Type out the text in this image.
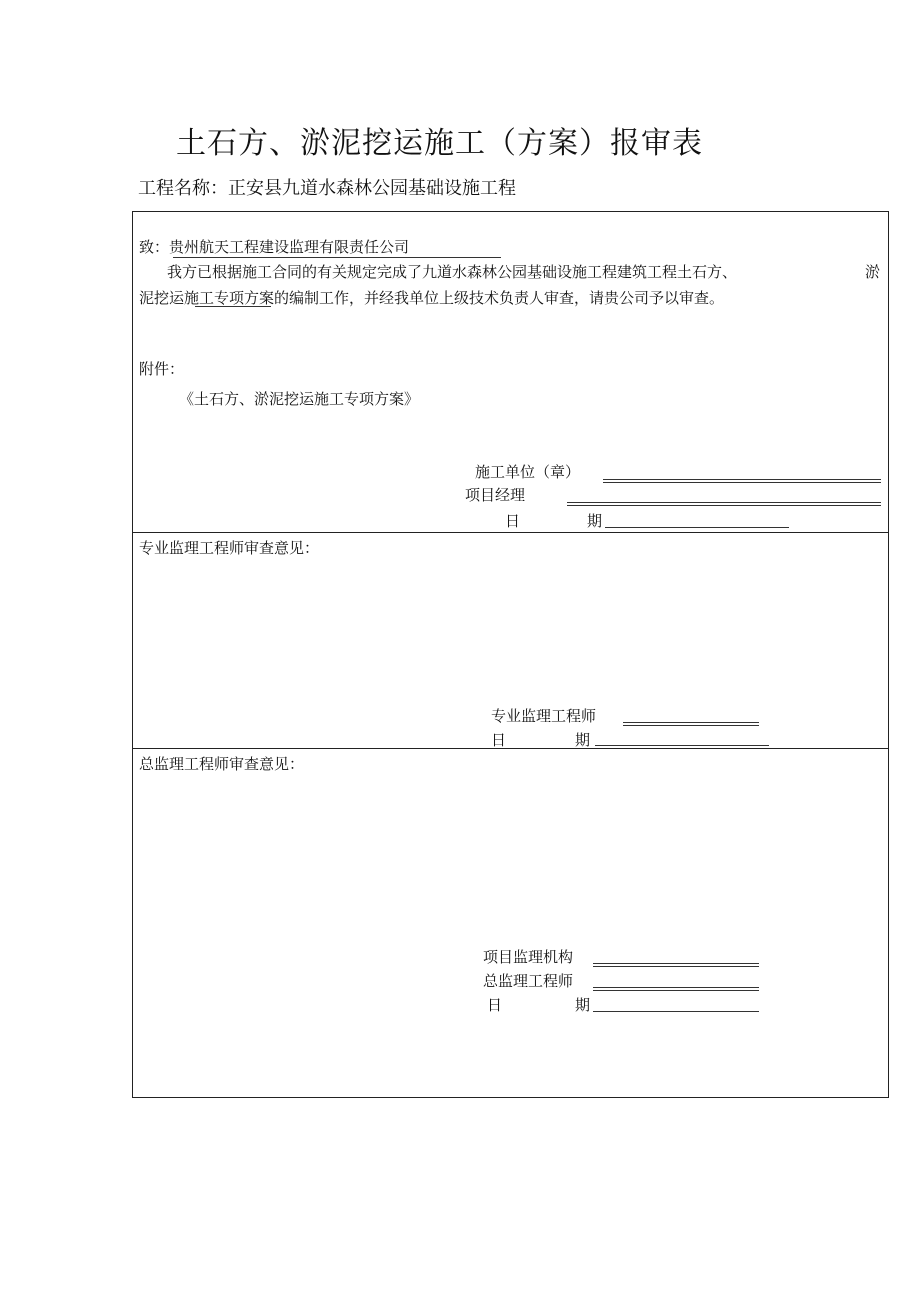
土石方、淤泥挖运施工（方案）报审表
工程名称：正安县九道水森林公园基础设施工程
致：贵州航天工程建设监理有限责任公司
我方已根据施工合同的有关规定完成了九道水森林公园基础设施工程建筑工程土石方、	淤
泥挖运施工专项方案的编制工作，并经我单位上级技术负责人审查，请贵公司予以审查。
附件：
《土石方、淤泥挖运施工专项方案》
施工单位（章）
项目经理
日	期
专业监理工程师审查意见：
专业监理工程师
日	期
总监理工程师审查意见：
项目监理机构
总监理工程师
日	期
